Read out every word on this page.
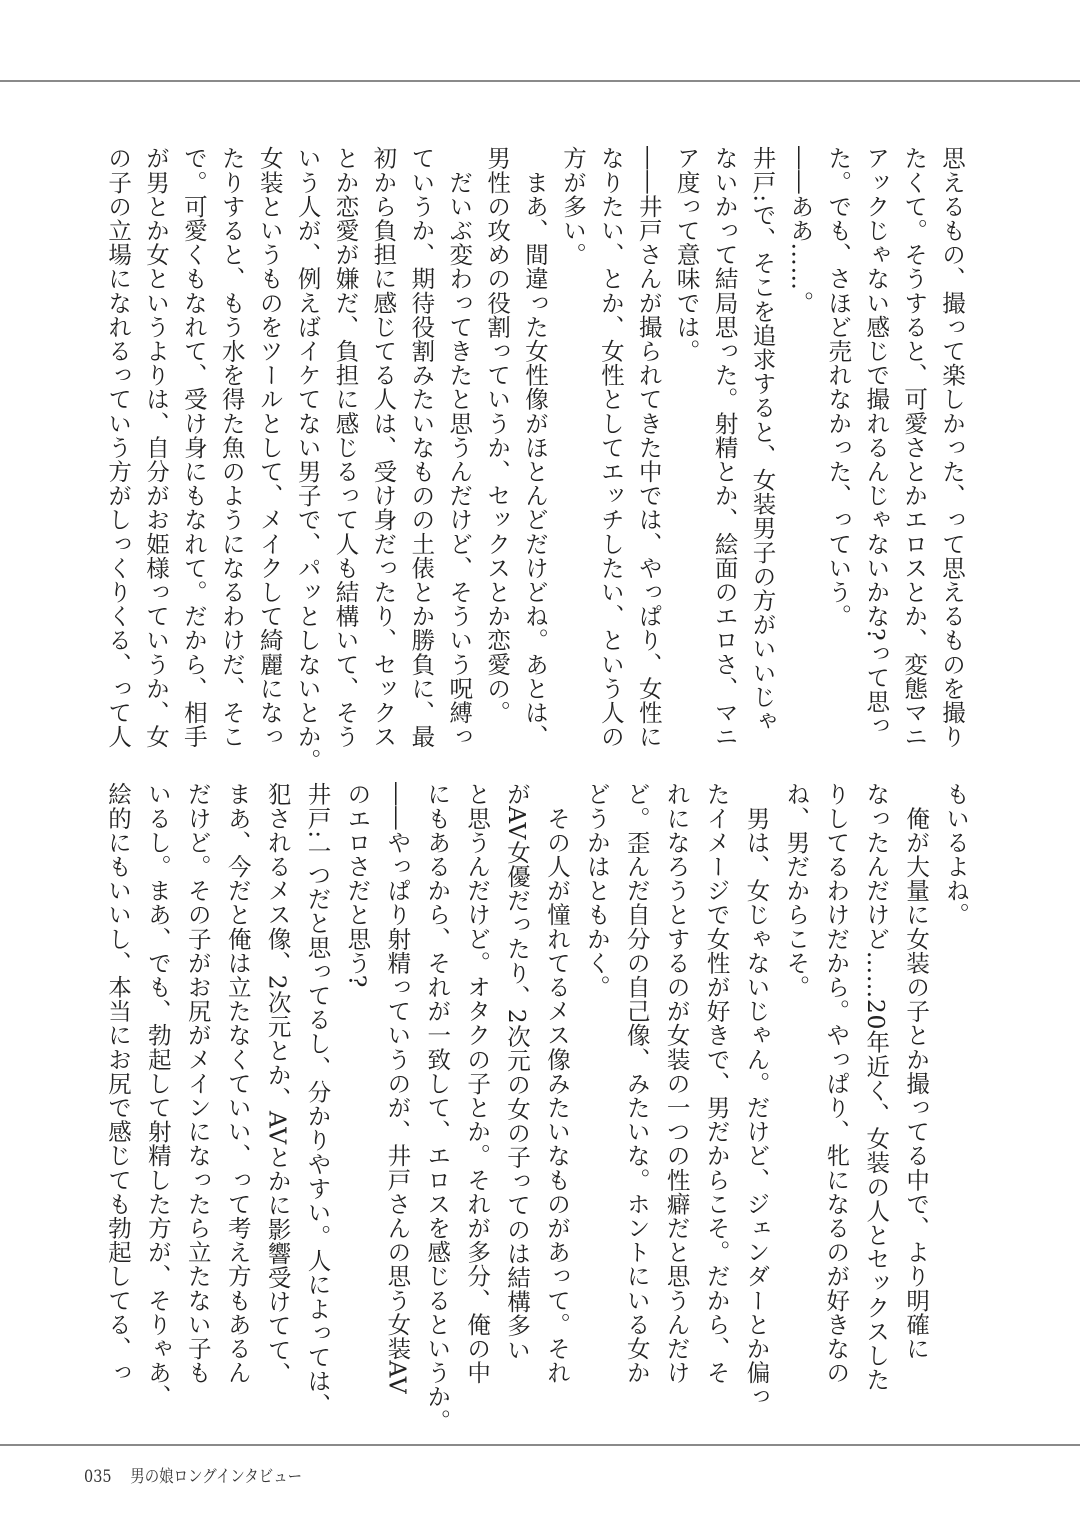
思えるもの、撮って楽しかった、って思えるものを撮り
たくて。そうすると、可愛さとかエロスとか、変態マニ
アックじゃない感じで撮れるんじゃないかな?って思っ
た。でも、さほど売れなかった、っていう。
――ああ……。
井戸:で、そこを追求すると、女装男子の方がいいじゃ
ないかって結局思った。射精とか、絵面のエロさ、マニ
ア度って意味では。
――井戸さんが撮られてきた中では、やっぱり、女性に
なりたい、とか、女性としてエッチしたい、という人の
方が多い。
　まあ、間違った女性像がほとんどだけどね。あとは、
男性の攻めの役割っていうか、セックスとか恋愛の。
　だいぶ変わってきたと思うんだけど、そういう呪縛っ
ていうか、期待役割みたいなものの土俵とか勝負に、最
初から負担に感じてる人は、受け身だったり、セックス
とか恋愛が嫌だ、負担に感じるって人も結構いて、そう
いう人が、例えばイケてない男子で、パッとしないとか。
女装というものをツールとして、メイクして綺麗になっ
たりすると、もう水を得た魚のようになるわけだ、そこ
で。可愛くもなれて、受け身にもなれて。だから、相手
が男とか女というよりは、自分がお姫様っていうか、女
の子の立場になれるっていう方がしっくりくる、って人
もいるよね。
　俺が大量に女装の子とか撮ってる中で、より明確に
なったんだけど……20年近く、女装の人とセックスした
りしてるわけだから。やっぱり、牝になるのが好きなの
ね、男だからこそ。
　男は、女じゃないじゃん。だけど、ジェンダーとか偏っ
たイメージで女性が好きで、男だからこそ。だから、そ
れになろうとするのが女装の一つの性癖だと思うんだけ
ど。歪んだ自分の自己像、みたいな。ホントにいる女か
どうかはともかく。
　その人が憧れてるメス像みたいなものがあって。それ
がAV女優だったり、2次元の女の子ってのは結構多い
と思うんだけど。オタクの子とか。それが多分、俺の中
にもあるから、それが一致して、エロスを感じるというか。
――やっぱり射精っていうのが、井戸さんの思う女装AV
のエロさだと思う?
井戸:一つだと思ってるし、分かりやすい。人によっては、
犯されるメス像、2次元とか、AVとかに影響受けてて、
まあ、今だと俺は立たなくていい、って考え方もあるん
だけど。その子がお尻がメインになったら立たない子も
いるし。まあ、でも、勃起して射精した方が、そりゃあ、
絵的にもいいし、本当にお尻で感じても勃起してる、っ
035 男の娘ロングインタビュー
